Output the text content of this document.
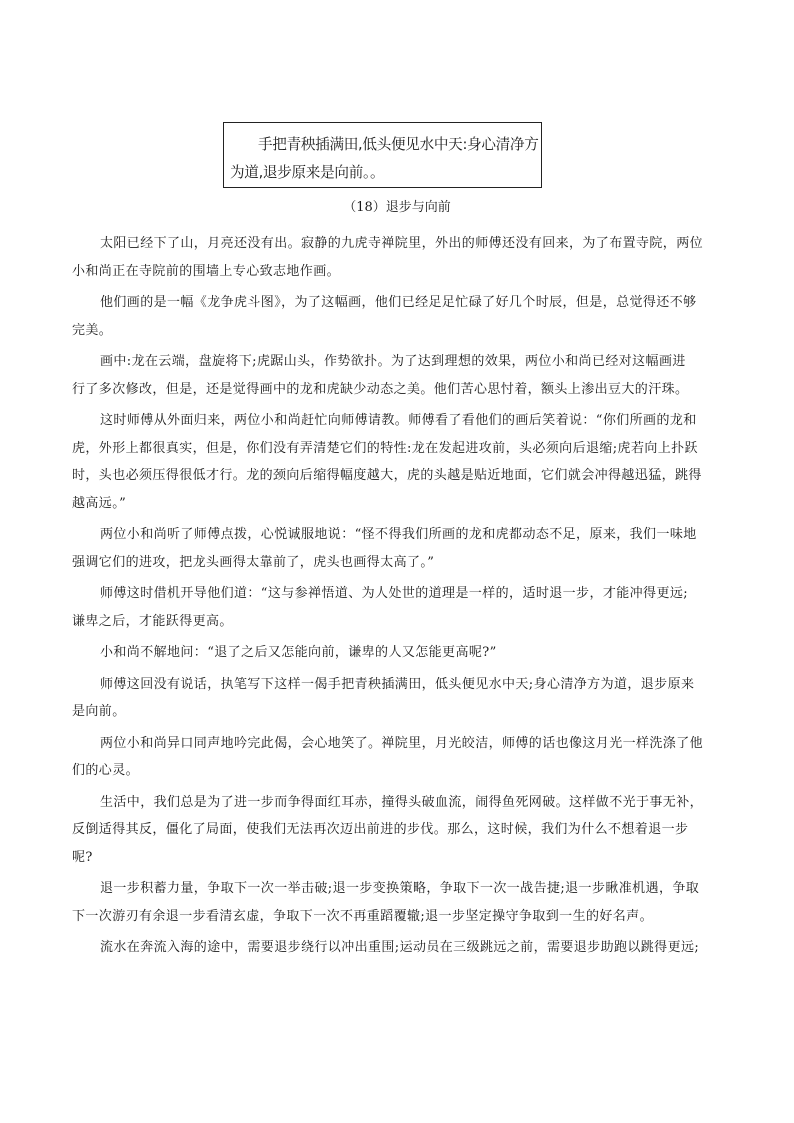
手把青秧插满田,低头便见水中天:身心清净方
为道,退步原来是向前。。
（18）退步与向前

太阳已经下了山，月亮还没有出。寂静的九虎寺禅院里，外出的师傅还没有回来，为了布置寺院，两位
小和尚正在寺院前的围墙上专心致志地作画。

他们画的是一幅《龙争虎斗图》，为了这幅画，他们已经足足忙碌了好几个时辰，但是，总觉得还不够
完美。

画中:龙在云端，盘旋将下;虎踞山头，作势欲扑。为了达到理想的效果，两位小和尚已经对这幅画进
行了多次修改，但是，还是觉得画中的龙和虎缺少动态之美。他们苦心思忖着，额头上渗出豆大的汗珠。

这时师傅从外面归来，两位小和尚赶忙向师傅请教。师傅看了看他们的画后笑着说：“你们所画的龙和
虎，外形上都很真实，但是，你们没有弄清楚它们的特性:龙在发起进攻前，头必须向后退缩;虎若向上扑跃
时，头也必须压得很低才行。龙的颈向后缩得幅度越大，虎的头越是贴近地面，它们就会冲得越迅猛，跳得
越高远。”

两位小和尚听了师傅点拨，心悦诚服地说：“怪不得我们所画的龙和虎都动态不足，原来，我们一味地
强调它们的进攻，把龙头画得太靠前了，虎头也画得太高了。”

师傅这时借机开导他们道：“这与参禅悟道、为人处世的道理是一样的，适时退一步，才能冲得更远;
谦卑之后，才能跃得更高。

小和尚不解地问：“退了之后又怎能向前，谦卑的人又怎能更高呢?”

师傅这回没有说话，执笔写下这样一偈手把青秧插满田，低头便见水中天;身心清净方为道，退步原来
是向前。

两位小和尚异口同声地吟完此偈，会心地笑了。禅院里，月光皎洁，师傅的话也像这月光一样洗涤了他
们的心灵。

生活中，我们总是为了进一步而争得面红耳赤，撞得头破血流，闹得鱼死网破。这样做不光于事无补，
反倒适得其反，僵化了局面，使我们无法再次迈出前进的步伐。那么，这时候，我们为什么不想着退一步
呢?

退一步积蓄力量，争取下一次一举击破;退一步变换策略，争取下一次一战告捷;退一步瞅准机遇，争取
下一次游刃有余退一步看清玄虚，争取下一次不再重蹈覆辙;退一步坚定操守争取到一生的好名声。

流水在奔流入海的途中，需要退步绕行以冲出重围;运动员在三级跳远之前，需要退步助跑以跳得更远;
